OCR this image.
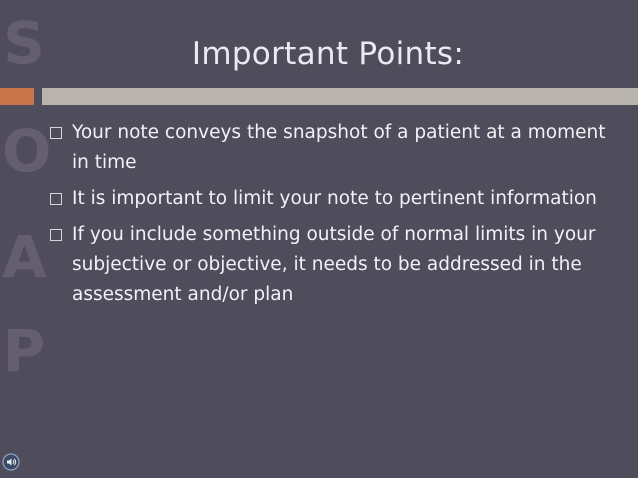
S
O
A
P
Important Points:
Your note conveys the snapshot of a patient at a moment in time
It is important to limit your note to pertinent information
If you include something outside of normal limits in your subjective or objective, it needs to be addressed in the assessment and/or plan
